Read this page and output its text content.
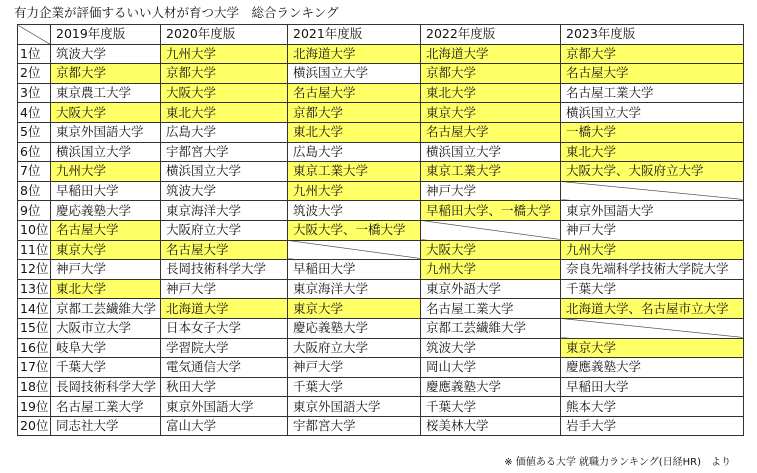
有力企業が評価するいい人材が育つ大学　総合ランキング
	2019年度版	2020年度版	2021年度版	2022年度版	2023年度版
1位	筑波大学	九州大学	北海道大学	北海道大学	京都大学
2位	京都大学	京都大学	横浜国立大学	京都大学	名古屋大学
3位	東京農工大学	大阪大学	名古屋大学	東北大学	名古屋工業大学
4位	大阪大学	東北大学	京都大学	東京大学	横浜国立大学
5位	東京外国語大学	広島大学	東北大学	名古屋大学	一橋大学
6位	横浜国立大学	宇都宮大学	広島大学	横浜国立大学	東北大学
7位	九州大学	横浜国立大学	東京工業大学	東京工業大学	大阪大学、大阪府立大学
8位	早稲田大学	筑波大学	九州大学	神戸大学	
9位	慶応義塾大学	東京海洋大学	筑波大学	早稲田大学、一橋大学	東京外国語大学
10位	名古屋大学	大阪府立大学	大阪大学、一橋大学		神戸大学
11位	東京大学	名古屋大学		大阪大学	九州大学
12位	神戸大学	長岡技術科学大学	早稲田大学	九州大学	奈良先端科学技術大学院大学
13位	東北大学	神戸大学	東京海洋大学	東京外語大学	千葉大学
14位	京都工芸繊維大学	北海道大学	東京大学	名古屋工業大学	北海道大学、名古屋市立大学
15位	大阪市立大学	日本女子大学	慶応義塾大学	京都工芸繊維大学	
16位	岐阜大学	学習院大学	大阪府立大学	筑波大学	東京大学
17位	千葉大学	電気通信大学	神戸大学	岡山大学	慶應義塾大学
18位	長岡技術科学大学	秋田大学	千葉大学	慶應義塾大学	早稲田大学
19位	名古屋工業大学	東京外国語大学	東京外国語大学	千葉大学	熊本大学
20位	同志社大学	富山大学	宇都宮大学	桜美林大学	岩手大学
※ 価値ある大学 就職力ランキング(日経HR)　より
